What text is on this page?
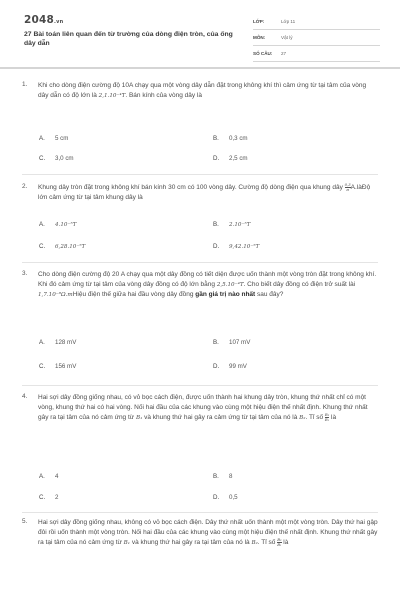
2048.vn
27 Bài toán liên quan đến từ trường của dòng điện tròn, của ống dây dẫn
LỚP:	Lớp 11
MÔN:	Vật lý
SỐ CÂU: 27
1. Khi cho dòng điện cường độ 10A chạy qua một vòng dây dẫn đặt trong không khí thì cảm ứng từ tại tâm của vòng dây dẫn có độ lớn là 2,1.10⁻⁴T. Bán kính của vòng dây là
A. 5 cm	B. 0,3 cm
C. 3,0 cm	D. 2,5 cm
2. Khung dây tròn đặt trong không khí bán kính 30 cm có 100 vòng dây. Cường độ dòng điện qua khung dây $\frac{0,3}{\pi}$ A.làĐộ lớn cảm ứng từ tại tâm khung dây là
A. 4.10⁻⁵T	B. 2.10⁻⁵T
C. 6,28.10⁻⁵T	D. 9,42.10⁻⁵T
3. Cho dòng điện cường độ 20 A chạy qua một dây đồng có tiết diện được uốn thành một vòng tròn đặt trong không khí. Khi đó cảm ứng từ tại tâm của vòng dây đồng có độ lớn bằng 2,5.10⁻⁴T. Cho biết dây đồng có điện trở suất lài 1,7.10⁻⁸Ω.mHiệu điện thế giữa hai đầu vòng dây đồng gần giá trị nào nhất sau đây?
A. 128 mV	B. 107 mV
C. 156 mV	D. 99 mV
4. Hai sợi dây đồng giống nhau, có vỏ bọc cách điện, được uốn thành hai khung dây tròn, khung thứ nhất chỉ có một vòng, khung thứ hai có hai vòng. Nối hai đầu của các khung vào cùng một hiệu điện thế nhất định. Khung thứ nhất gây ra tại tâm của nó cảm ứng từ B₁ và khung thứ hai gây ra cảm ứng từ tại tâm của nó là B₂. Tỉ số $\frac{\text{B₂}}{\text{B₁}}$ là
A. 4	B. 8
C. 2	D. 0,5
5. Hai sợi dây đồng giống nhau, không có vỏ bọc cách điện. Dây thứ nhất uốn thành một một vòng tròn. Dây thứ hai gập đôi rồi uốn thành một vòng tròn. Nối hai đầu của các khung vào cùng một hiệu điện thế nhất định. Khung thứ nhất gây ra tại tâm của nó cảm ứng từ B₁ và khung thứ hai gây ra tại tâm của nó là B₂. Tỉ số $\frac{\text{B₂}}{\text{B₁}}$ là
